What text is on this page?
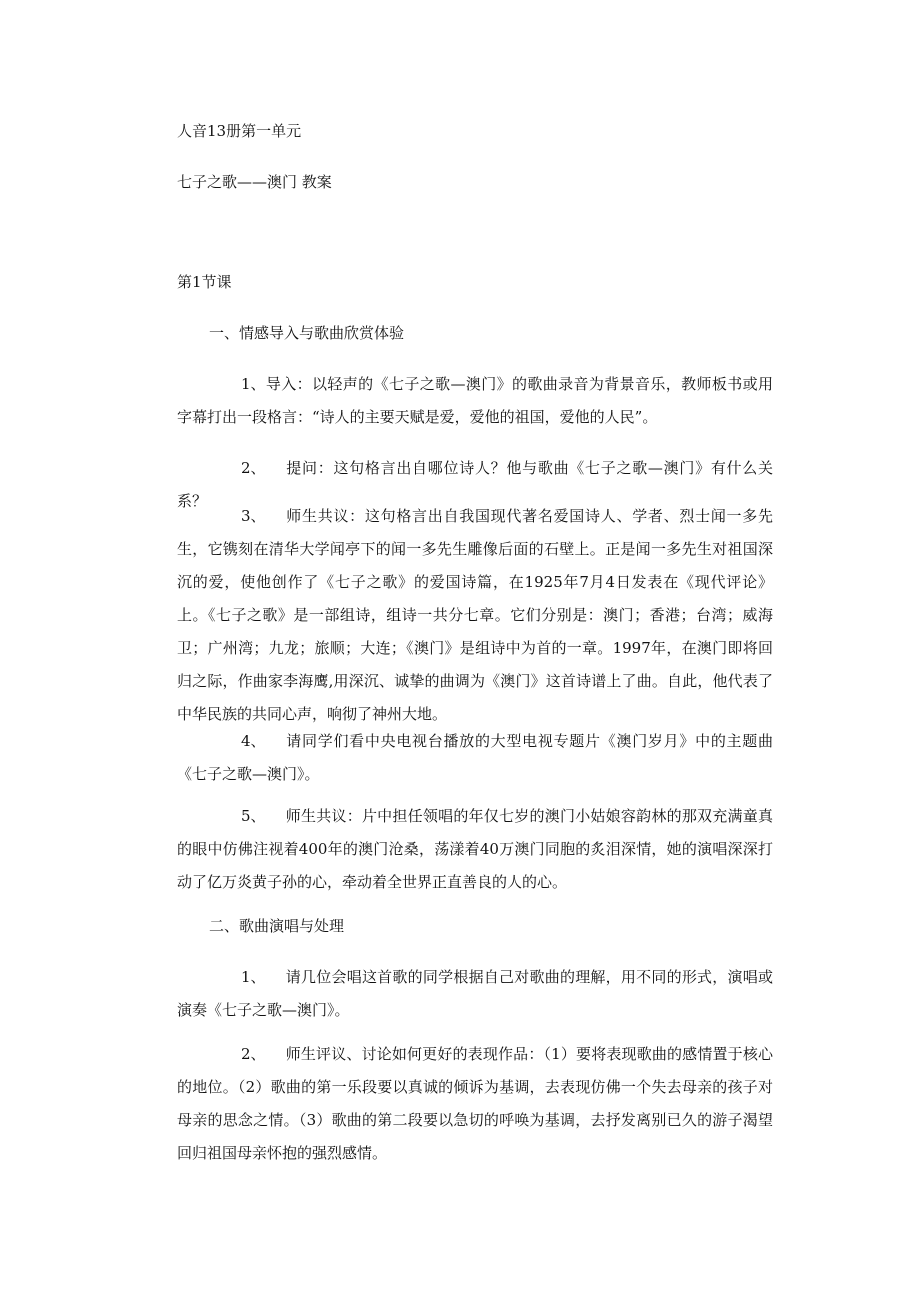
人音13册第一单元

七子之歌——澳门 教案

第1节课

一、情感导入与歌曲欣赏体验

1、导入：以轻声的《七子之歌—澳门》的歌曲录音为背景音乐，教师板书或用字幕打出一段格言：“诗人的主要天赋是爱，爱他的祖国，爱他的人民”。

2、 提问：这句格言出自哪位诗人？他与歌曲《七子之歌—澳门》有什么关系？

3、 师生共议：这句格言出自我国现代著名爱国诗人、学者、烈士闻一多先生，它镌刻在清华大学闻亭下的闻一多先生雕像后面的石壁上。正是闻一多先生对祖国深沉的爱，使他创作了《七子之歌》的爱国诗篇，在1925年7月4日发表在《现代评论》上。《七子之歌》是一部组诗，组诗一共分七章。它们分别是：澳门；香港；台湾；威海卫；广州湾；九龙；旅顺；大连；《澳门》是组诗中为首的一章。1997年，在澳门即将回归之际，作曲家李海鹰,用深沉、诚挚的曲调为《澳门》这首诗谱上了曲。自此，他代表了中华民族的共同心声，响彻了神州大地。

4、 请同学们看中央电视台播放的大型电视专题片《澳门岁月》中的主题曲《七子之歌—澳门》。

5、 师生共议：片中担任领唱的年仅七岁的澳门小姑娘容韵林的那双充满童真的眼中仿佛注视着400年的澳门沧桑，荡漾着40万澳门同胞的炙泪深情，她的演唱深深打动了亿万炎黄子孙的心，牵动着全世界正直善良的人的心。

二、歌曲演唱与处理

1、 请几位会唱这首歌的同学根据自己对歌曲的理解，用不同的形式，演唱或演奏《七子之歌—澳门》。

2、 师生评议、讨论如何更好的表现作品：（1）要将表现歌曲的感情置于核心的地位。（2）歌曲的第一乐段要以真诚的倾诉为基调，去表现仿佛一个失去母亲的孩子对母亲的思念之情。（3）歌曲的第二段要以急切的呼唤为基调，去抒发离别已久的游子渴望回归祖国母亲怀抱的强烈感情。
